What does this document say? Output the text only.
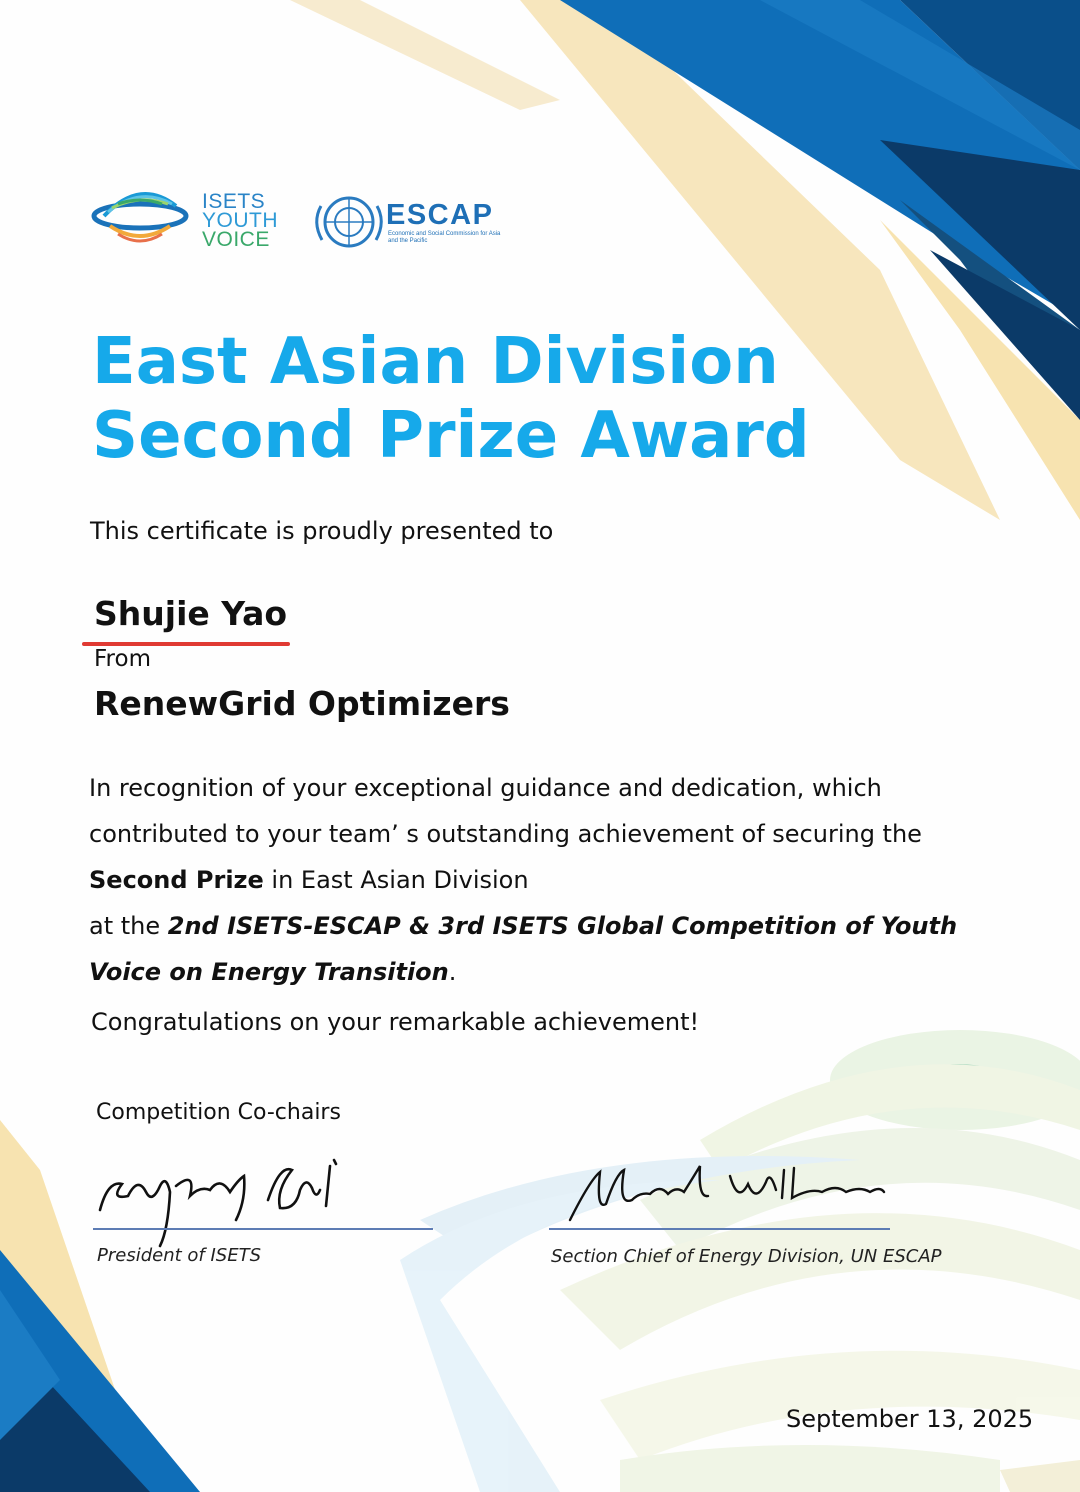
ISETS
YOUTH
VOICE
ESCAP
Economic and Social Commission for Asia and the Pacific
East Asian Division
Second Prize Award
This certificate is proudly presented to
Shujie Yao
From
RenewGrid Optimizers

In recognition of your exceptional guidance and dedication, which

contributed to your team’ s outstanding achievement of securing the

Second Prize in East Asian Division

at the 2nd ISETS-ESCAP & 3rd ISETS Global Competition of Youth

Voice on Energy Transition.

Congratulations on your remarkable achievement!
Competition Co-chairs
President of ISETS	Section Chief of Energy Division, UN ESCAP
September 13, 2025
